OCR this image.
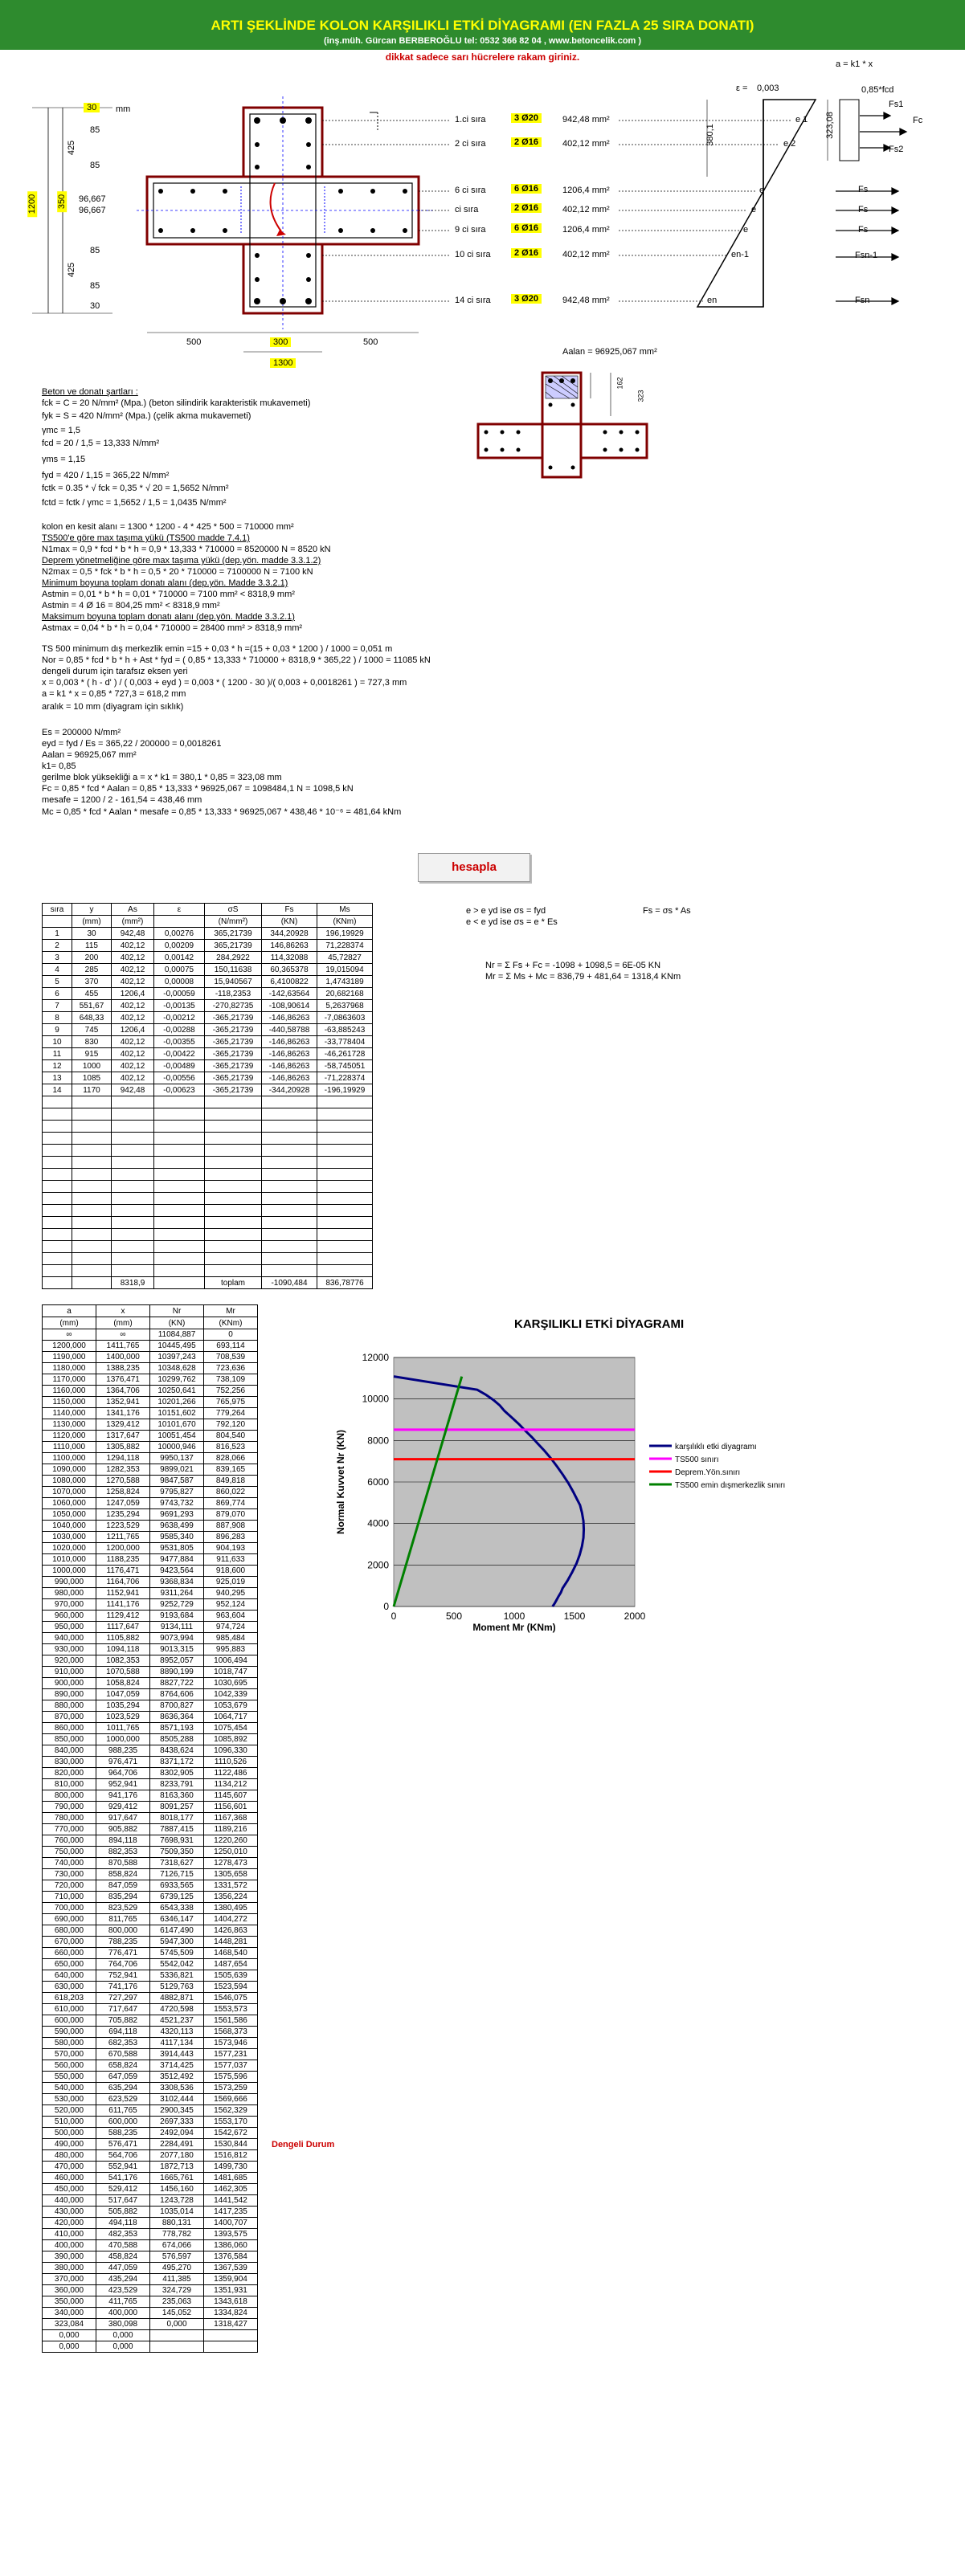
ARTI ŞEKLİNDE KOLON KARŞILIKLI ETKİ DİYAGRAMI (EN FAZLA 25 SIRA DONATI)
(inş.müh. Gürcan BERBEROĞLU tel: 0532 366 82 04 , www.betoncelik.com )
dikkat sadece sarı hücrelere rakam giriniz.
30	mm
85
425
85
350 96,667
96,667
85
425
85
30
1200
500	300	500
1300
1.ci sıra	3 Ø20	942,48 mm²
2 ci sıra	2 Ø16	402,12 mm²
6 ci sıra	6 Ø16	1206,4 mm²
ci sıra	2 Ø16	402,12 mm²
9 ci sıra	6 Ø16	1206,4 mm²
10 ci sıra	2 Ø16	402,12 mm²
14 ci sıra	3 Ø20	942,48 mm²
ε = 0,003
380,1
e 1
e 2
e
e
e
en-1
en
a = k1 * x
323,08
0,85*fcd
Fs1
Fc
Fs2
Fs
Fs
Fs
Fsn-1
Fsn
Aalan = 96925,067 mm²
162
323
Beton ve donatı şartları :
fck = C = 20 N/mm² (Mpa.) (beton silindirik karakteristik mukavemeti)
fyk = S = 420 N/mm² (Mpa.) (çelik akma mukavemeti)
γmc = 1,5
fcd = 20 / 1,5 = 13,333 N/mm²
γms = 1,15
fyd = 420 / 1,15 = 365,22 N/mm²
fctk = 0.35 * √ fck = 0,35 * √ 20 = 1,5652 N/mm²
fctd = fctk / γmc = 1,5652 / 1,5 = 1,0435 N/mm²
kolon en kesit alanı = 1300 * 1200 - 4 * 425 * 500 = 710000 mm²
TS500'e göre max taşıma yükü (TS500 madde 7.4.1)
N1max = 0,9 * fcd * b * h = 0,9 * 13,333 * 710000 = 8520000 N = 8520 kN
Deprem yönetmeliğine göre max taşıma yükü (dep.yön. madde 3.3.1.2)
N2max = 0,5 * fck * b * h = 0,5 * 20 * 710000 = 7100000 N = 7100 kN
Minimum boyuna toplam donatı alanı (dep.yön. Madde 3.3.2.1)
Astmin = 0,01 * b * h = 0,01 * 710000 = 7100 mm² < 8318,9 mm²
Astmin = 4 Ø 16 = 804,25 mm² < 8318,9 mm²
Maksimum boyuna toplam donatı alanı (dep.yön. Madde 3.3.2.1)
Astmax = 0,04 * b * h = 0,04 * 710000 = 28400 mm² > 8318,9 mm²
TS 500 minimum dış merkezlik emin =15 + 0,03 * h =(15 + 0,03 * 1200 ) / 1000 = 0,051 m
Nor = 0,85 * fcd * b * h + Ast * fyd = ( 0,85 * 13,333 * 710000 + 8318,9 * 365,22 ) / 1000 = 11085 kN
dengeli durum için tarafsız eksen yeri
x = 0,003 * ( h - d' ) / ( 0,003 + eyd ) = 0,003 * ( 1200 - 30 )/( 0,003 + 0,0018261 ) = 727,3 mm
a = k1 * x = 0,85 * 727,3 = 618,2 mm
aralık = 10 mm (diyagram için sıklık)
Es = 200000 N/mm²
eyd = fyd / Es = 365,22 / 200000 = 0,0018261
Aalan = 96925,067 mm²
k1= 0,85
gerilme blok yüksekliği a = x * k1 = 380,1 * 0,85 = 323,08 mm
Fc = 0,85 * fcd * Aalan = 0,85 * 13,333 * 96925,067 = 1098484,1 N = 1098,5 kN
mesafe = 1200 / 2 - 161,54 = 438,46 mm
Mc = 0,85 * fcd * Aalan * mesafe = 0,85 * 13,333 * 96925,067 * 438,46 * 10⁻⁶ = 481,64 kNm
hesapla
sıra	y	As	ε	σS	Fs	Ms
	(mm)	(mm²)		(N/mm²)	(KN)	(KNm)
1	30	942,48	0,00276	365,21739	344,20928	196,19929
2	115	402,12	0,00209	365,21739	146,86263	71,228374
3	200	402,12	0,00142	284,2922	114,32088	45,72827
4	285	402,12	0,00075	150,11638	60,365378	19,015094
5	370	402,12	0,00008	15,940567	6,4100822	1,4743189
6	455	1206,4	-0,00059	-118,2353	-142,63564	20,682168
7	551,67	402,12	-0,00135	-270,82735	-108,90614	5,2637968
8	648,33	402,12	-0,00212	-365,21739	-146,86263	-7,0863603
9	745	1206,4	-0,00288	-365,21739	-440,58788	-63,885243
10	830	402,12	-0,00355	-365,21739	-146,86263	-33,778404
11	915	402,12	-0,00422	-365,21739	-146,86263	-46,261728
12	1000	402,12	-0,00489	-365,21739	-146,86263	-58,745051
13	1085	402,12	-0,00556	-365,21739	-146,86263	-71,228374
14	1170	942,48	-0,00623	-365,21739	-344,20928	-196,19929

		8318,9		toplam	-1090,484	836,78776
e > e yd ise σs = fyd
e < e yd ise σs = e * Es
Fs = σs * As
Nr = Σ Fs + Fc = -1098 + 1098,5 = 6E-05 KN
Mr = Σ Ms + Mc = 836,79 + 481,64 = 1318,4 KNm
a	x	Nr	Mr
(mm)	(mm)	(KN)	(KNm)
∞	∞	11084,887	0
1200,000	1411,765	10445,495	693,114
1190,000	1400,000	10397,243	708,539
1180,000	1388,235	10348,628	723,636
1170,000	1376,471	10299,762	738,109
1160,000	1364,706	10250,641	752,256
1150,000	1352,941	10201,266	765,975
1140,000	1341,176	10151,602	779,264
1130,000	1329,412	10101,670	792,120
1120,000	1317,647	10051,454	804,540
1110,000	1305,882	10000,946	816,523
1100,000	1294,118	9950,137	828,066
1090,000	1282,353	9899,021	839,165
1080,000	1270,588	9847,587	849,818
1070,000	1258,824	9795,827	860,022
1060,000	1247,059	9743,732	869,774
1050,000	1235,294	9691,293	879,070
1040,000	1223,529	9638,499	887,908
1030,000	1211,765	9585,340	896,283
1020,000	1200,000	9531,805	904,193
1010,000	1188,235	9477,884	911,633
1000,000	1176,471	9423,564	918,600
990,000	1164,706	9368,834	925,019
980,000	1152,941	9311,264	940,295
970,000	1141,176	9252,729	952,124
960,000	1129,412	9193,684	963,604
950,000	1117,647	9134,111	974,724
940,000	1105,882	9073,994	985,484
930,000	1094,118	9013,315	995,883
920,000	1082,353	8952,057	1006,494
910,000	1070,588	8890,199	1018,747
900,000	1058,824	8827,722	1030,695
890,000	1047,059	8764,606	1042,339
880,000	1035,294	8700,827	1053,679
870,000	1023,529	8636,364	1064,717
860,000	1011,765	8571,193	1075,454
850,000	1000,000	8505,288	1085,892
840,000	988,235	8438,624	1096,330
830,000	976,471	8371,172	1110,526
820,000	964,706	8302,905	1122,486
810,000	952,941	8233,791	1134,212
800,000	941,176	8163,360	1145,607
790,000	929,412	8091,257	1156,601
780,000	917,647	8018,177	1167,368
770,000	905,882	7887,415	1189,216
760,000	894,118	7698,931	1220,260
750,000	882,353	7509,350	1250,010
740,000	870,588	7318,627	1278,473
730,000	858,824	7126,715	1305,658
720,000	847,059	6933,565	1331,572
710,000	835,294	6739,125	1356,224
700,000	823,529	6543,338	1380,495
690,000	811,765	6346,147	1404,272
680,000	800,000	6147,490	1426,863
670,000	788,235	5947,300	1448,281
660,000	776,471	5745,509	1468,540
650,000	764,706	5542,042	1487,654
640,000	752,941	5336,821	1505,639
630,000	741,176	5129,763	1523,594
618,203	727,297	4882,871	1546,075
610,000	717,647	4720,598	1553,573
600,000	705,882	4521,237	1561,586
590,000	694,118	4320,113	1568,373
580,000	682,353	4117,134	1573,946
570,000	670,588	3914,443	1577,231
560,000	658,824	3714,425	1577,037
550,000	647,059	3512,492	1575,596
540,000	635,294	3308,536	1573,259
530,000	623,529	3102,444	1569,666
520,000	611,765	2900,345	1562,329
510,000	600,000	2697,333	1553,170
500,000	588,235	2492,094	1542,672
490,000	576,471	2284,491	1530,844
480,000	564,706	2077,180	1516,812
470,000	552,941	1872,713	1499,730
460,000	541,176	1665,761	1481,685
450,000	529,412	1456,160	1462,305
440,000	517,647	1243,728	1441,542
430,000	505,882	1035,014	1417,235
420,000	494,118	880,131	1400,707
410,000	482,353	778,782	1393,575
400,000	470,588	674,066	1386,060
390,000	458,824	576,597	1376,584
380,000	447,059	495,270	1367,539
370,000	435,294	411,385	1359,904
360,000	423,529	324,729	1351,931
350,000	411,765	235,063	1343,618
340,000	400,000	145,052	1334,824
323,084	380,098	0,000	1318,427
0,000	0,000		
0,000	0,000		
Dengeli Durum
KARŞILIKLI ETKİ DİYAGRAMI
0
2000
4000
6000
8000
10000
12000
0	500	1000	1500	2000
Moment Mr (KNm)
Normal Kuvvet Nr (KN)	karşılıklı etki diyagramı
TS500 sınırı
Deprem.Yön.sınırı
TS500 emin dışmerkezlik sınırı
